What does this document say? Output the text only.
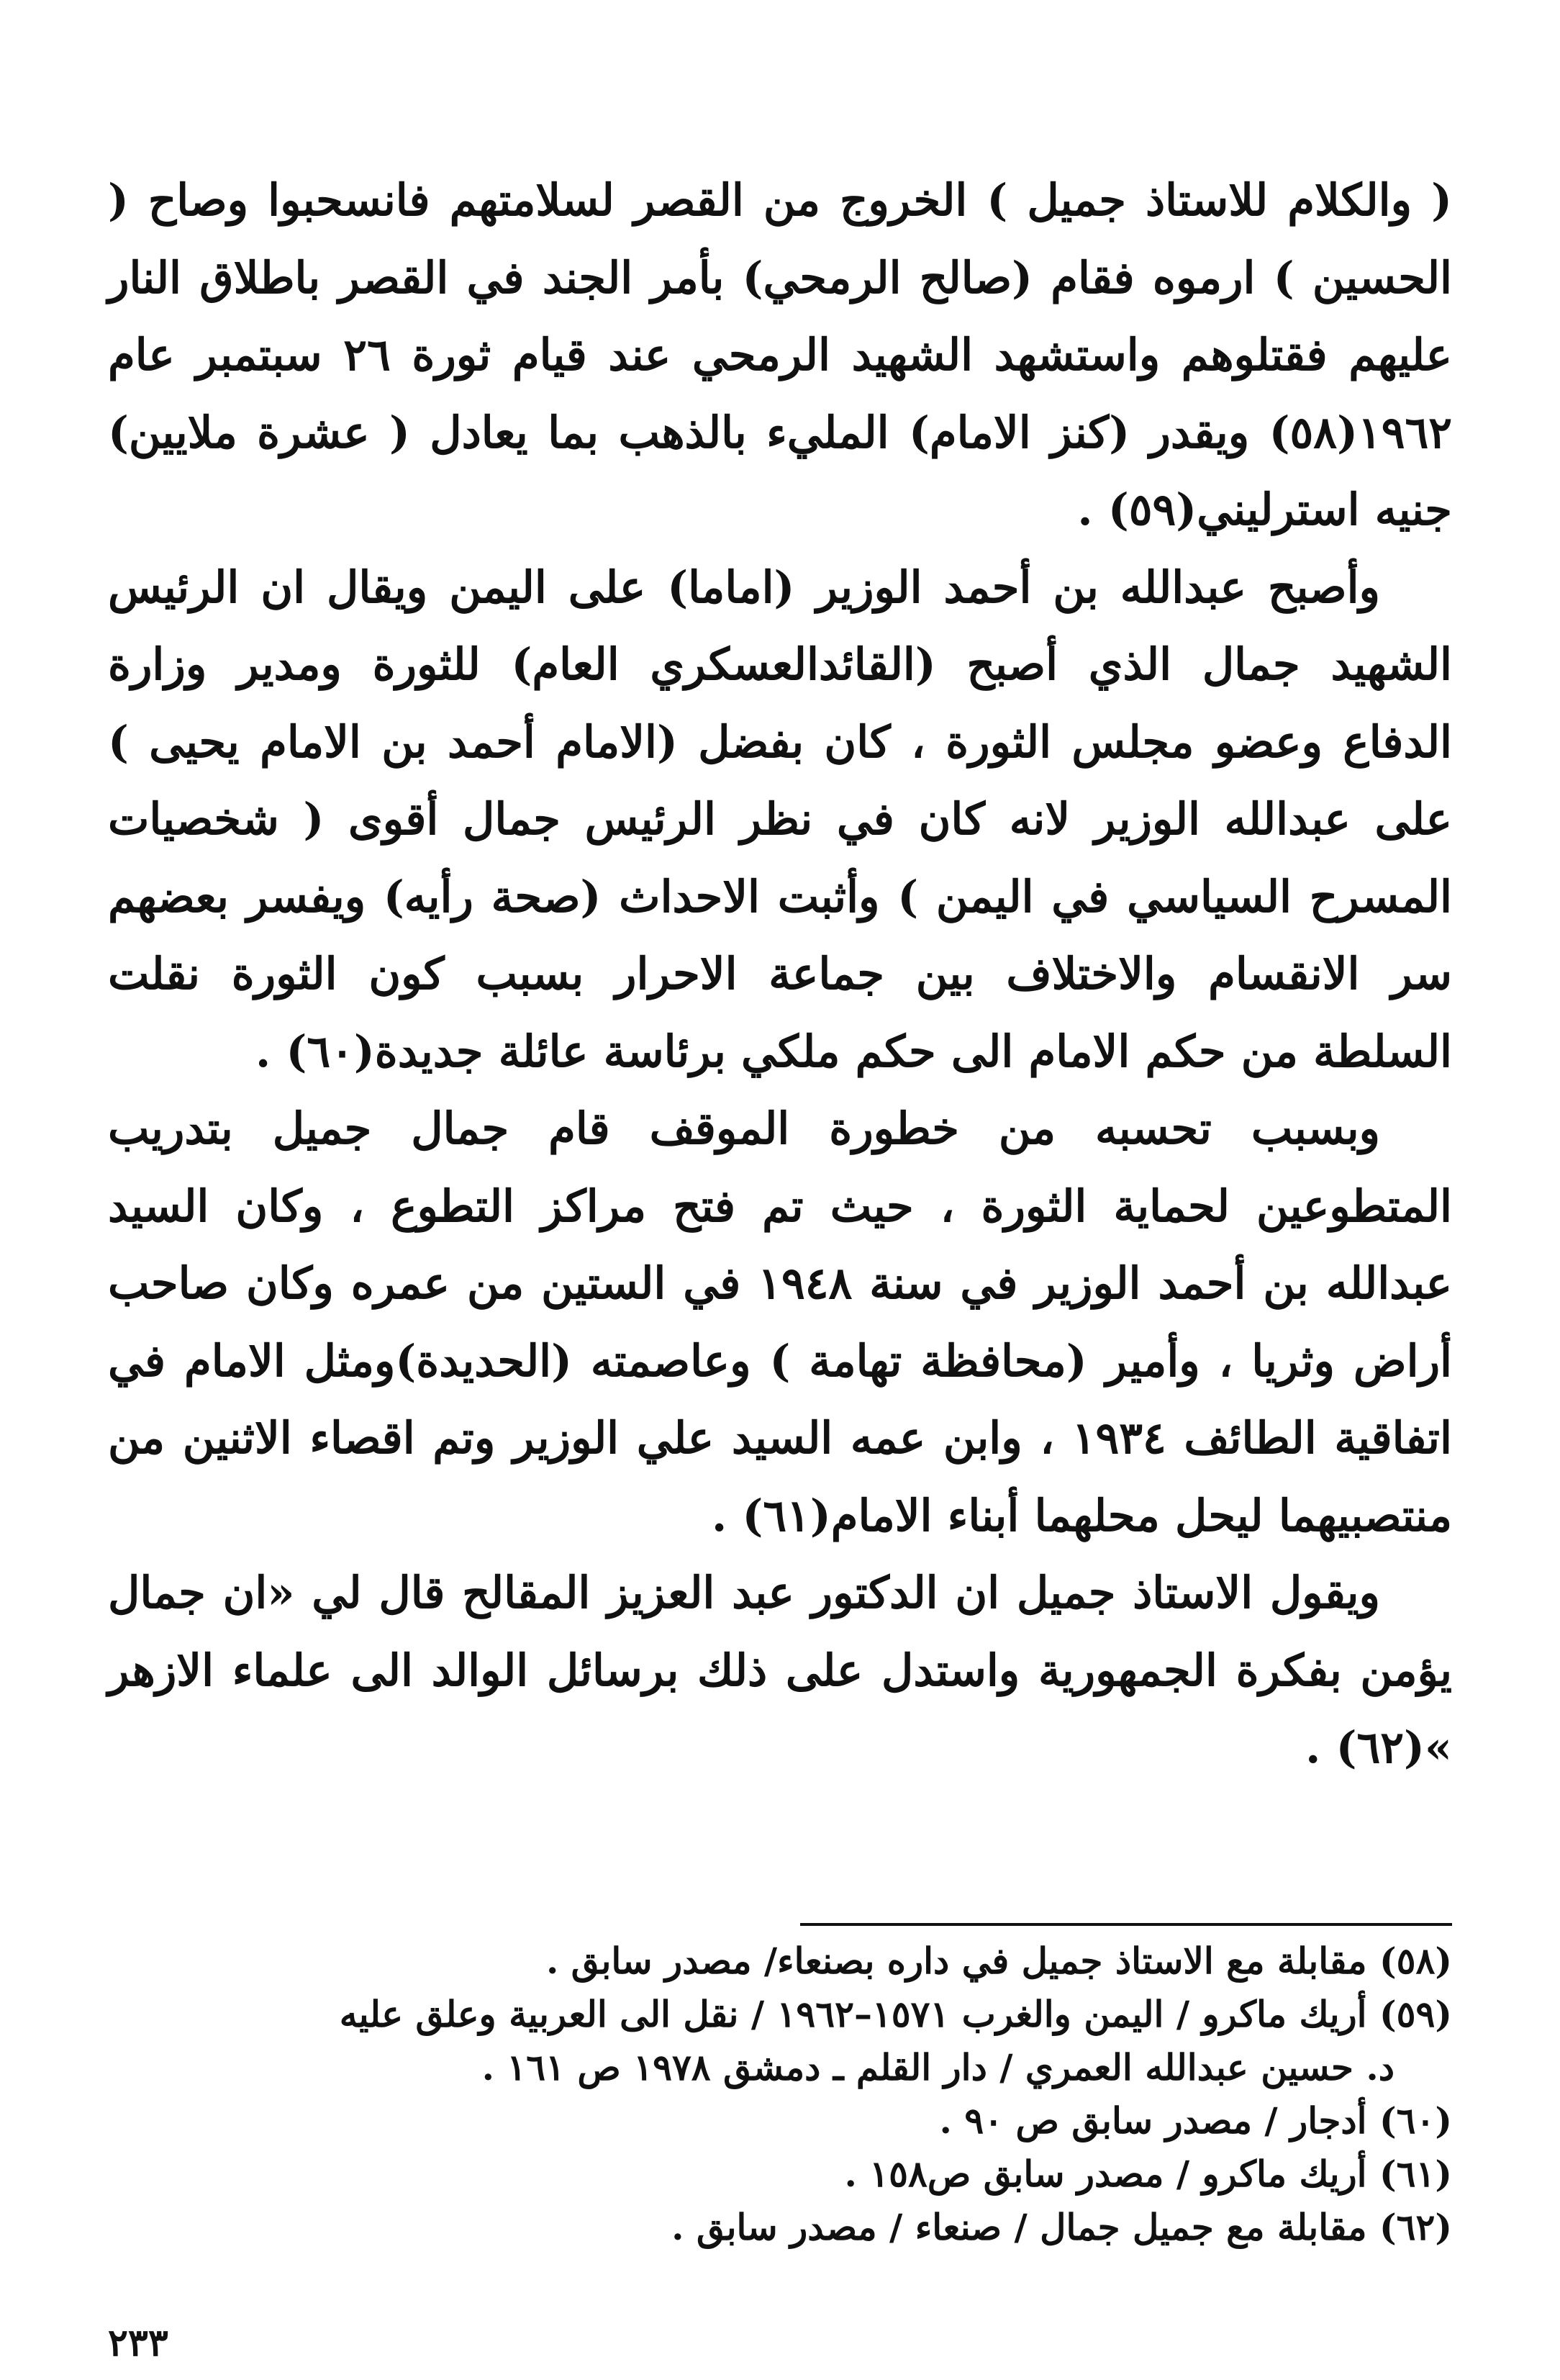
( والكلام للاستاذ جميل ) الخروج من القصر لسلامتهم فانسحبوا وصاح ( الحسين ) ارموه فقام (صالح الرمحي) بأمر الجند في القصر باطلاق النار عليهم فقتلوهم واستشهد الشهيد الرمحي عند قيام ثورة ٢٦ سبتمبر عام ١٩٦٢(٥٨) ويقدر (كنز الامام) المليء بالذهب بما يعادل ( عشرة ملايين) جنيه استرليني(٥٩) .

وأصبح عبدالله بن أحمد الوزير (اماما) على اليمن ويقال ان الرئيس الشهيد جمال الذي أصبح (القائدالعسكري العام) للثورة ومدير وزارة الدفاع وعضو مجلس الثورة ، كان بفضل (الامام أحمد بن الامام يحيى ) على عبدالله الوزير لانه كان في نظر الرئيس جمال أقوى ( شخصيات المسرح السياسي في اليمن ) وأثبت الاحداث (صحة رأيه) ويفسر بعضهم سر الانقسام والاختلاف بين جماعة الاحرار بسبب كون الثورة نقلت السلطة من حكم الامام الى حكم ملكي برئاسة عائلة جديدة(٦٠) .

وبسبب تحسبه من خطورة الموقف قام جمال جميل بتدريب المتطوعين لحماية الثورة ، حيث تم فتح مراكز التطوع ، وكان السيد عبدالله بن أحمد الوزير في سنة ١٩٤٨ في الستين من عمره وكان صاحب أراض وثريا ، وأمير (محافظة تهامة ) وعاصمته (الحديدة)ومثل الامام في اتفاقية الطائف ١٩٣٤ ، وابن عمه السيد علي الوزير وتم اقصاء الاثنين من منتصبيهما ليحل محلهما أبناء الامام(٦١) .

ويقول الاستاذ جميل ان الدكتور عبد العزيز المقالح قال لي «ان جمال يؤمن بفكرة الجمهورية واستدل على ذلك برسائل الوالد الى علماء الازهر »(٦٢) .

(٥٨) مقابلة مع الاستاذ جميل في داره بصنعاء/ مصدر سابق .

(٥٩) أريك ماكرو / اليمن والغرب ١٥٧١–١٩٦٢ / نقل الى العربية وعلق عليه

د. حسين عبدالله العمري / دار القلم ـ دمشق ١٩٧٨ ص ١٦١ .

(٦٠) أدجار / مصدر سابق ص ٩٠ .

(٦١) أريك ماكرو / مصدر سابق ص١٥٨ .

(٦٢) مقابلة مع جميل جمال / صنعاء / مصدر سابق .

٢٣٣
